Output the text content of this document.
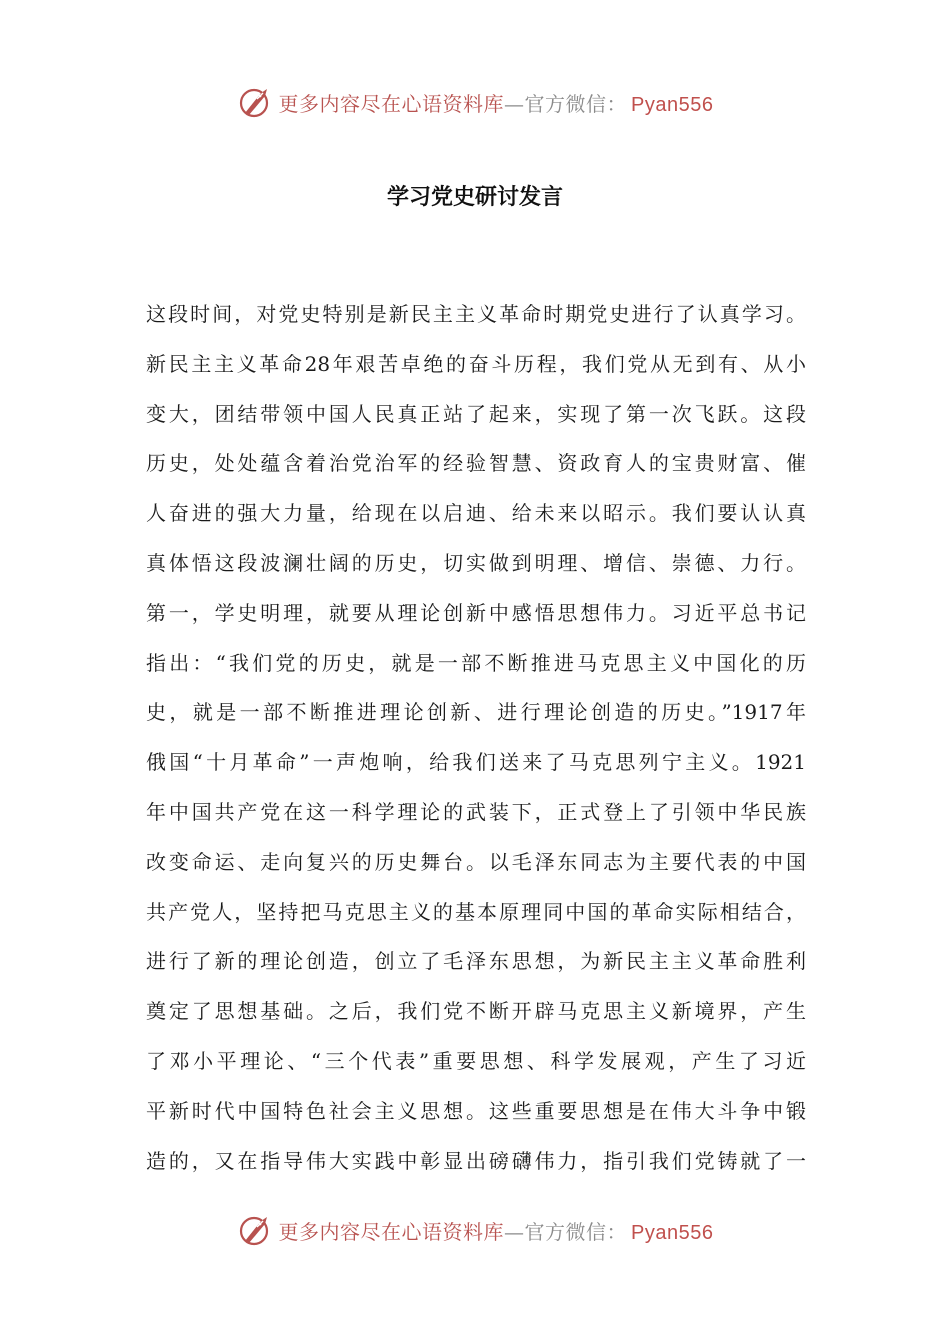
更多内容尽在心语资料库—官方微信： Pyan556
学习党史研讨发言
这段时间，对党史特别是新民主主义革命时期党史进行了认真学习。
新民主主义革命28年艰苦卓绝的奋斗历程，我们党从无到有、从小
变大，团结带领中国人民真正站了起来，实现了第一次飞跃。这段
历史，处处蕴含着治党治军的经验智慧、资政育人的宝贵财富、催
人奋进的强大力量，给现在以启迪、给未来以昭示。我们要认认真
真体悟这段波澜壮阔的历史，切实做到明理、增信、崇德、力行。
第一，学史明理，就要从理论创新中感悟思想伟力。习近平总书记
指出：“我们党的历史，就是一部不断推进马克思主义中国化的历
史，就是一部不断推进理论创新、进行理论创造的历史。”1917年
俄国“十月革命”一声炮响，给我们送来了马克思列宁主义。1921
年中国共产党在这一科学理论的武装下，正式登上了引领中华民族
改变命运、走向复兴的历史舞台。以毛泽东同志为主要代表的中国
共产党人，坚持把马克思主义的基本原理同中国的革命实际相结合，
进行了新的理论创造，创立了毛泽东思想，为新民主主义革命胜利
奠定了思想基础。之后，我们党不断开辟马克思主义新境界，产生
了邓小平理论、“三个代表”重要思想、科学发展观，产生了习近
平新时代中国特色社会主义思想。这些重要思想是在伟大斗争中锻
造的，又在指导伟大实践中彰显出磅礴伟力，指引我们党铸就了一
更多内容尽在心语资料库—官方微信： Pyan556
